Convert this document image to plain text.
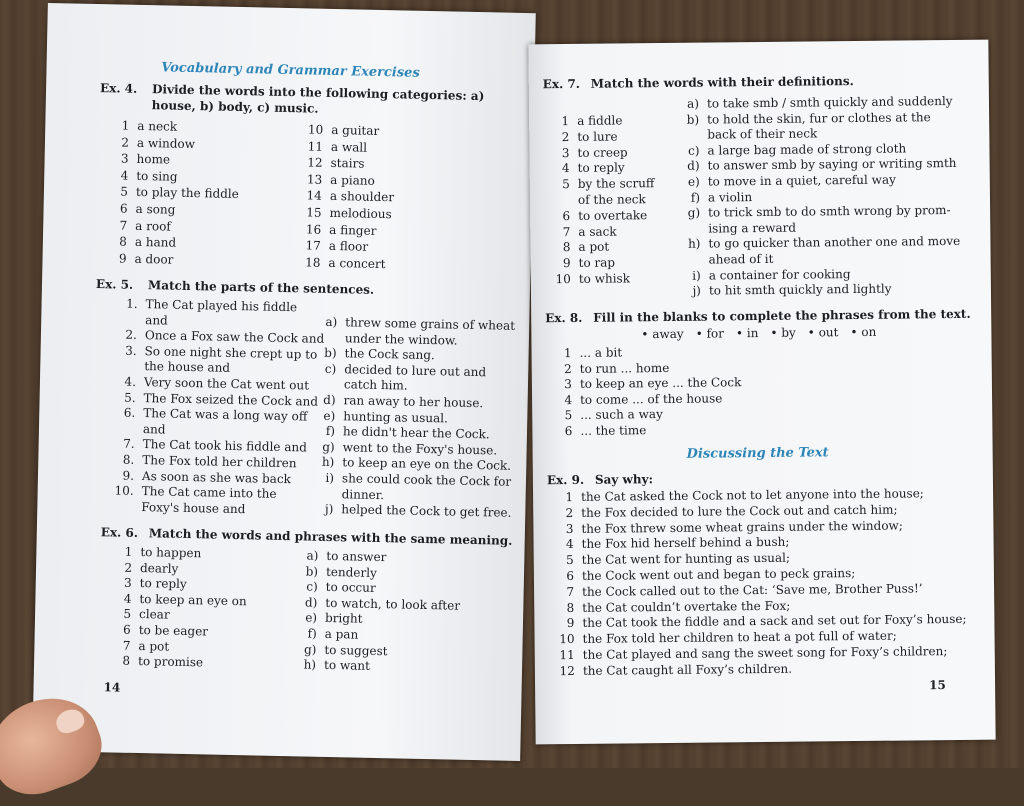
Vocabulary and Grammar Exercises
Ex. 4. Divide the words into the following categories: a) house, b) body, c) music.
1 a neck
2 a window
3 home
4 to sing
5 to play the fiddle
6 a song
7 a roof
8 a hand
9 a door
10 a guitar
11 a wall
12 stairs
13 a piano
14 a shoulder
15 melodious
16 a finger
17 a floor
18 a concert
Ex. 5. Match the parts of the sentences.
1. The Cat played his fiddle
and
2. Once a Fox saw the Cock and
3. So one night she crept up to
the house and
4. Very soon the Cat went out
5. The Fox seized the Cock and
6. The Cat was a long way off
and
7. The Cat took his fiddle and
8. The Fox told her children
9. As soon as she was back
10. The Cat came into the
Foxy's house and
a) threw some grains of wheat
under the window.
b) the Cock sang.
c) decided to lure out and
catch him.
d) ran away to her house.
e) hunting as usual.
f) he didn't hear the Cock.
g) went to the Foxy's house.
h) to keep an eye on the Cock.
i) she could cook the Cock for
dinner.
j) helped the Cock to get free.
Ex. 6. Match the words and phrases with the same meaning.
1 to happen
2 dearly
3 to reply
4 to keep an eye on
5 clear
6 to be eager
7 a pot
8 to promise
a) to answer
b) tenderly
c) to occur
d) to watch, to look after
e) bright
f) a pan
g) to suggest
h) to want
14
Ex. 7. Match the words with their definitions.
1 a fiddle
2 to lure
3 to creep
4 to reply
5 by the scruff
of the neck
6 to overtake
7 a sack
8 a pot
9 to rap
10 to whisk
a) to take smb / smth quickly and suddenly
b) to hold the skin, fur or clothes at the
back of their neck
c) a large bag made of strong cloth
d) to answer smb by saying or writing smth
e) to move in a quiet, careful way
f) a violin
g) to trick smb to do smth wrong by prom-
ising a reward
h) to go quicker than another one and move
ahead of it
i) a container for cooking
j) to hit smth quickly and lightly
Ex. 8. Fill in the blanks to complete the phrases from the text.
• away • for • in • by • out • on
1 ... a bit
2 to run ... home
3 to keep an eye ... the Cock
4 to come ... of the house
5 ... such a way
6 ... the time
Discussing the Text
Ex. 9. Say why:
1 the Cat asked the Cock not to let anyone into the house;
2 the Fox decided to lure the Cock out and catch him;
3 the Fox threw some wheat grains under the window;
4 the Fox hid herself behind a bush;
5 the Cat went for hunting as usual;
6 the Cock went out and began to peck grains;
7 the Cock called out to the Cat: ‘Save me, Brother Puss!’
8 the Cat couldn’t overtake the Fox;
9 the Cat took the fiddle and a sack and set out for Foxy’s house;
10 the Fox told her children to heat a pot full of water;
11 the Cat played and sang the sweet song for Foxy’s children;
12 the Cat caught all Foxy’s children.
15
